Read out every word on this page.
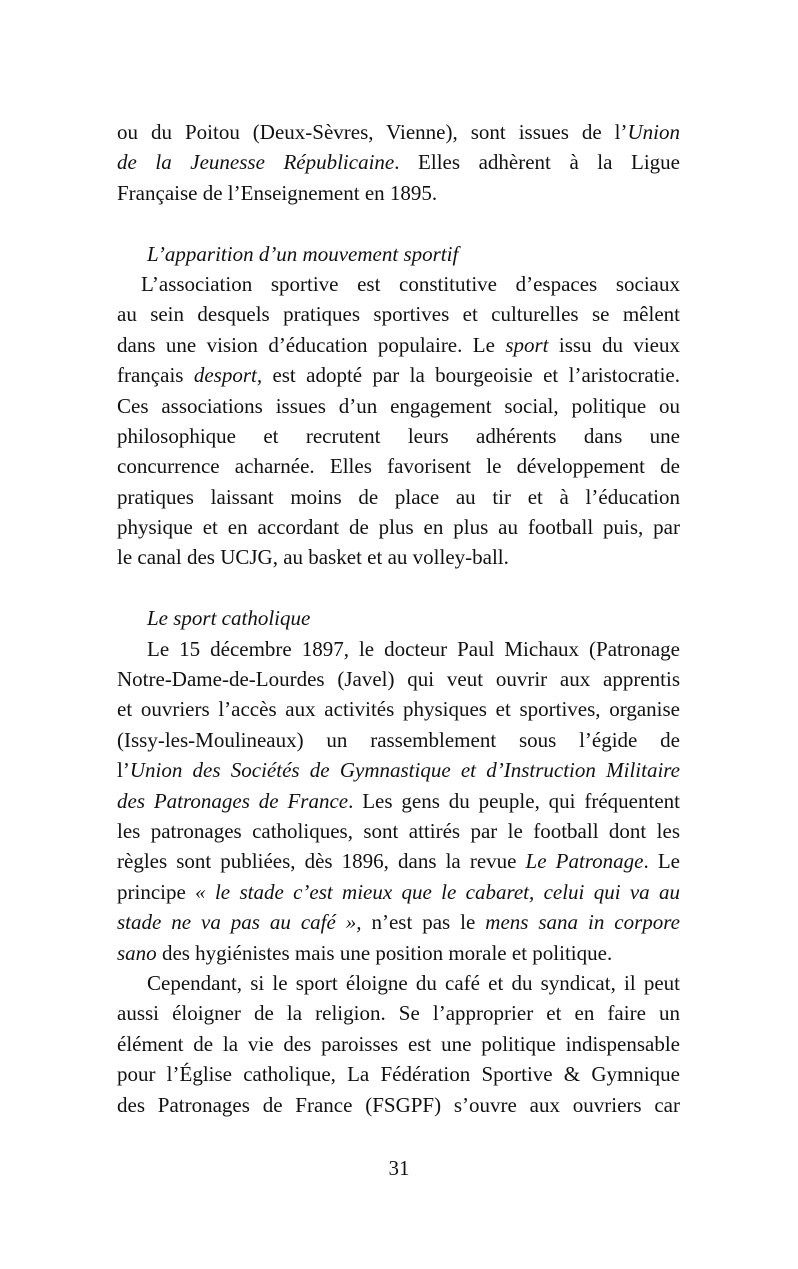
ou du Poitou (Deux-Sèvres, Vienne), sont issues de l’Union
de la Jeunesse Républicaine. Elles adhèrent à la Ligue
Française de l’Enseignement en 1895.
L’apparition d’un mouvement sportif
L’association sportive est constitutive d’espaces sociaux
au sein desquels pratiques sportives et culturelles se mêlent
dans une vision d’éducation populaire. Le sport issu du vieux
français desport, est adopté par la bourgeoisie et l’aristocratie.
Ces associations issues d’un engagement social, politique ou
philosophique et recrutent leurs adhérents dans une
concurrence acharnée. Elles favorisent le développement de
pratiques laissant moins de place au tir et à l’éducation
physique et en accordant de plus en plus au football puis, par
le canal des UCJG, au basket et au volley-ball.
Le sport catholique
Le 15 décembre 1897, le docteur Paul Michaux (Patronage
Notre-Dame-de-Lourdes (Javel) qui veut ouvrir aux apprentis
et ouvriers l’accès aux activités physiques et sportives, organise
(Issy-les-Moulineaux) un rassemblement sous l’égide de
l’Union des Sociétés de Gymnastique et d’Instruction Militaire
des Patronages de France. Les gens du peuple, qui fréquentent
les patronages catholiques, sont attirés par le football dont les
règles sont publiées, dès 1896, dans la revue Le Patronage. Le
principe « le stade c’est mieux que le cabaret, celui qui va au
stade ne va pas au café », n’est pas le mens sana in corpore
sano des hygiénistes mais une position morale et politique.
Cependant, si le sport éloigne du café et du syndicat, il peut
aussi éloigner de la religion. Se l’approprier et en faire un
élément de la vie des paroisses est une politique indispensable
pour l’Église catholique, La Fédération Sportive & Gymnique
des Patronages de France (FSGPF) s’ouvre aux ouvriers car
31
